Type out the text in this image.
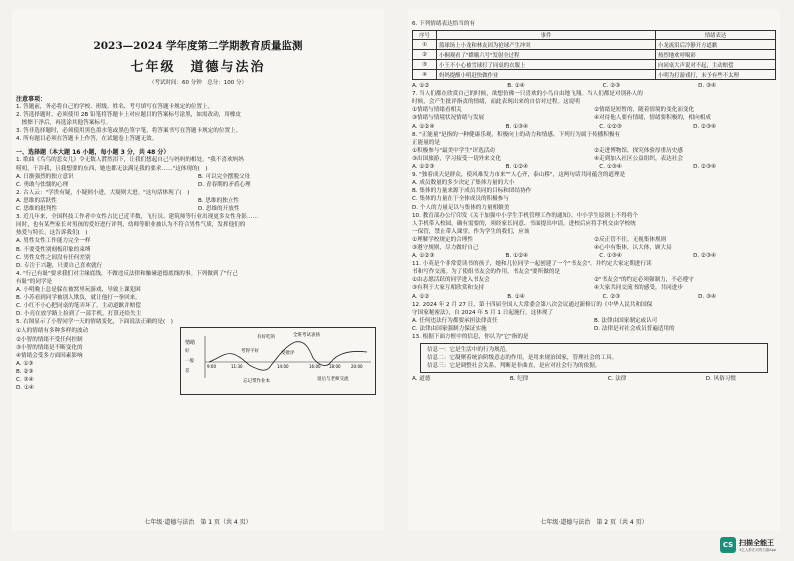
2023—2024 学年度第二学期教育质量监测
七年级　道德与法治
（考试时间：60 分钟　总分：100 分）
注意事项：
1. 答题前，务必将自己的学校、班级、姓名、考号填写在答题卡规定的位置上。
2. 答选择题时，必须使用 2B 铅笔将答题卡上对应题目的答案标号涂黑，如需改动，用橡皮
　擦擦干净后，再选涂其他答案标号。
3. 答非选择题时，必须使用黑色墨水笔或黑色签字笔，将答案书写在答题卡规定的位置上。
4. 所有题目必须在答题卡上作答，在试题卷上答题无效。
一、选择题（本大题 16 小题，每小题 3 分，共 48 分）
1. 歌曲《鸟鸟的悲女儿》令无数人潸然泪下，让我们想起自己与妈妈的相处。"我不喜欢妈妈
唠叨，干涉我，且我想要的东西，她也都无法满足我的要求……"这体现的(　)
A. 日渐强烈的独立意识	B. 可以完全摆脱父母
C. 勇敢与怯懦的心理	D. 青春期的矛盾心理
2. 古人云："学贵有疑，小疑则小进，大疑则大进。"这句话体现了(　)
A. 思维的活跃性	B. 思维的独立性
C. 思维的批判性	D. 思维的开放性
3. 近几年来，全国科技工作者中女性占比已近半数，飞行员、建筑师等行业出现更多女性身影……
同时，也有某些家长对男孩的爱好进行评判，幼师等职业被认为不符合男性气质，发挥他们的
热爱与特长。这告诉我们(　)
A. 男性女性工作能力完全一样
B. 不要受性别刻板印象的束缚
C. 男性女性之间没有任何差别
D. 专注于兴趣，只要自己喜欢就行
4. "行己有耻"要求我们对尘缘底线，不做违反法律和触碰道德底线的事。下列做到了"行己
有耻"的同学是
A. 小明晚上总是躲在被窝里玩游戏，导致上课犯困
B. 小苏看到同学被别人欺负，就让他打一拳回来。
C. 小红不小心把同桌的笔弄坏了，主动道歉并赔偿
D. 小亮在放学路上捡到了一部手机，打算还给失主
5. 右图显示了小智同学一天的情绪变化，下面说法正确的是(　)
①人的情绪有多种多样的波动
②小智的情绪不受任何控制
③小智的情绪是不断变化的
④情绪会受多方面因素影响
A. ①③
B. ②③
C. ③④
D. ①④
情绪
好
一般
差
9:00	11:30	14:00	16:00 18:00	20:00
有好吃的	全班考试表扬
考得不好	受批评
忘记带作业本	退后与老师交流
七年级·道德与法治　第 1 页（共 4 页）
6. 下列情绪表达恰当的有
序号	事件	情绪表达
①	篮球场上小龙和林友因为抢球产生冲突	小龙流泪后冷静开方道歉
②	小桐观看了"嫦娥六号"发射全过程	热烈地欢呼喝彩
③	小王不小心被雪球打了同桌的衣服上	向同桌大声说对不起，主动赔偿
④	妈妈提醒小明赶快做作业	小明为打游戏打，未予有些不太理
A. ①②	B. ①④	C. ②③	D. ③④
7. 当人们都在欣赏自己的时候，欲想仿佛一只喜欢的小鸟自由地飞翔。当人们都是对别孙人的
时候，会产生批评指责的情绪，而此表现出来的自信对过程。这说明
①情绪与情绪看相关	②情绪是短暂的，随着情境的变化而变化
③情绪与情境状况情绪与发展	④对待他人要有情绪，情绪要积极的，相向相成
A. ①②④	B. ①③④	C. ①②③	D. ②③④
8. "正能量"是指的一种健康乐观，积极向上的动力和情感。下列行为属于传播积极有
正能量的是
①积极参与"最美中学生"评选活动	②走进博物馆，探究体验厚重历史感
③出国旅游，学习接受一切外来文化	④走到加入社区公益组织，表达社会
A. ①②③	B. ①②④	C. ①③④	D. ②③④
9. "独着成天是群众，使风难发力市来""人心齐，泰山移"，这两句话共同蕴含的道理是
A. 成员数量的多少决定了集体力量的大小
B. 集体的力量来源于成员共同的目标和团结协作
C. 集体的力量在于全体成员的积极参与
D. 个人的力量足以与集体的力量相媲美
10. 教育部办公厅印发《关于加强中小学生手机管理工作的通知》。中小学生原则上不得将个
人手机带入校园，确有需要的，须经家长同意、书面提出申请，进校后应将手机交由学校统
一保管，禁止带入课堂。作为学生的我们，应该
①理解学校规定的合理性	②反正管不住，无视集体规则
③遵守规则，尽力做好自己	④心中有集体，认大体，顾大局
A. ①②③	B. ①②④	C. ①③④	D. ②③④
11. 小英是个非常爱读书的孩子，她和几位同学一起创建了一个"书友会"，并约定大家定期进行读
书和写作交流。为了使组书友会的作用，书友会"要所做的是
①由志愿活跃的同学进入书友会	②"书友会"的约定必须强制力，不必遵守
③有利于大家互相欣赏和支持	④大家共同交流书的感受，共同进步
A. ①②	B. ①④	C. ②③	D. ③④
12. 2024 年 2 月 27 日，第十四届全国人大常委会第八次会议通过新修订的《中华人民共和国保
守国家秘密法》，自 2024 年 5 月 1 日起施行。这体现了
A. 任何违法行为都要承担法律责任	B. 法律由国家制定或认可
C. 法律由国家强制力保证实施	D. 法律是对社会成员普遍适用的
13. 根据下面方框中的信息，你认为"它"指的是
信息一：它是生活中的行为规范。
信息二：它凝聚着统治阶级意志的作用，是用来规治国家，管理社会的工具。
信息三：它是调整社会关系，判断是非曲直，是应对社会行为的依据。
A. 道德	B. 纪律	C. 法律	D. 风俗习惯
七年级·道德与法治　第 2 页（共 4 页）
CS 扫描全能王
3亿人都在用的扫描App
